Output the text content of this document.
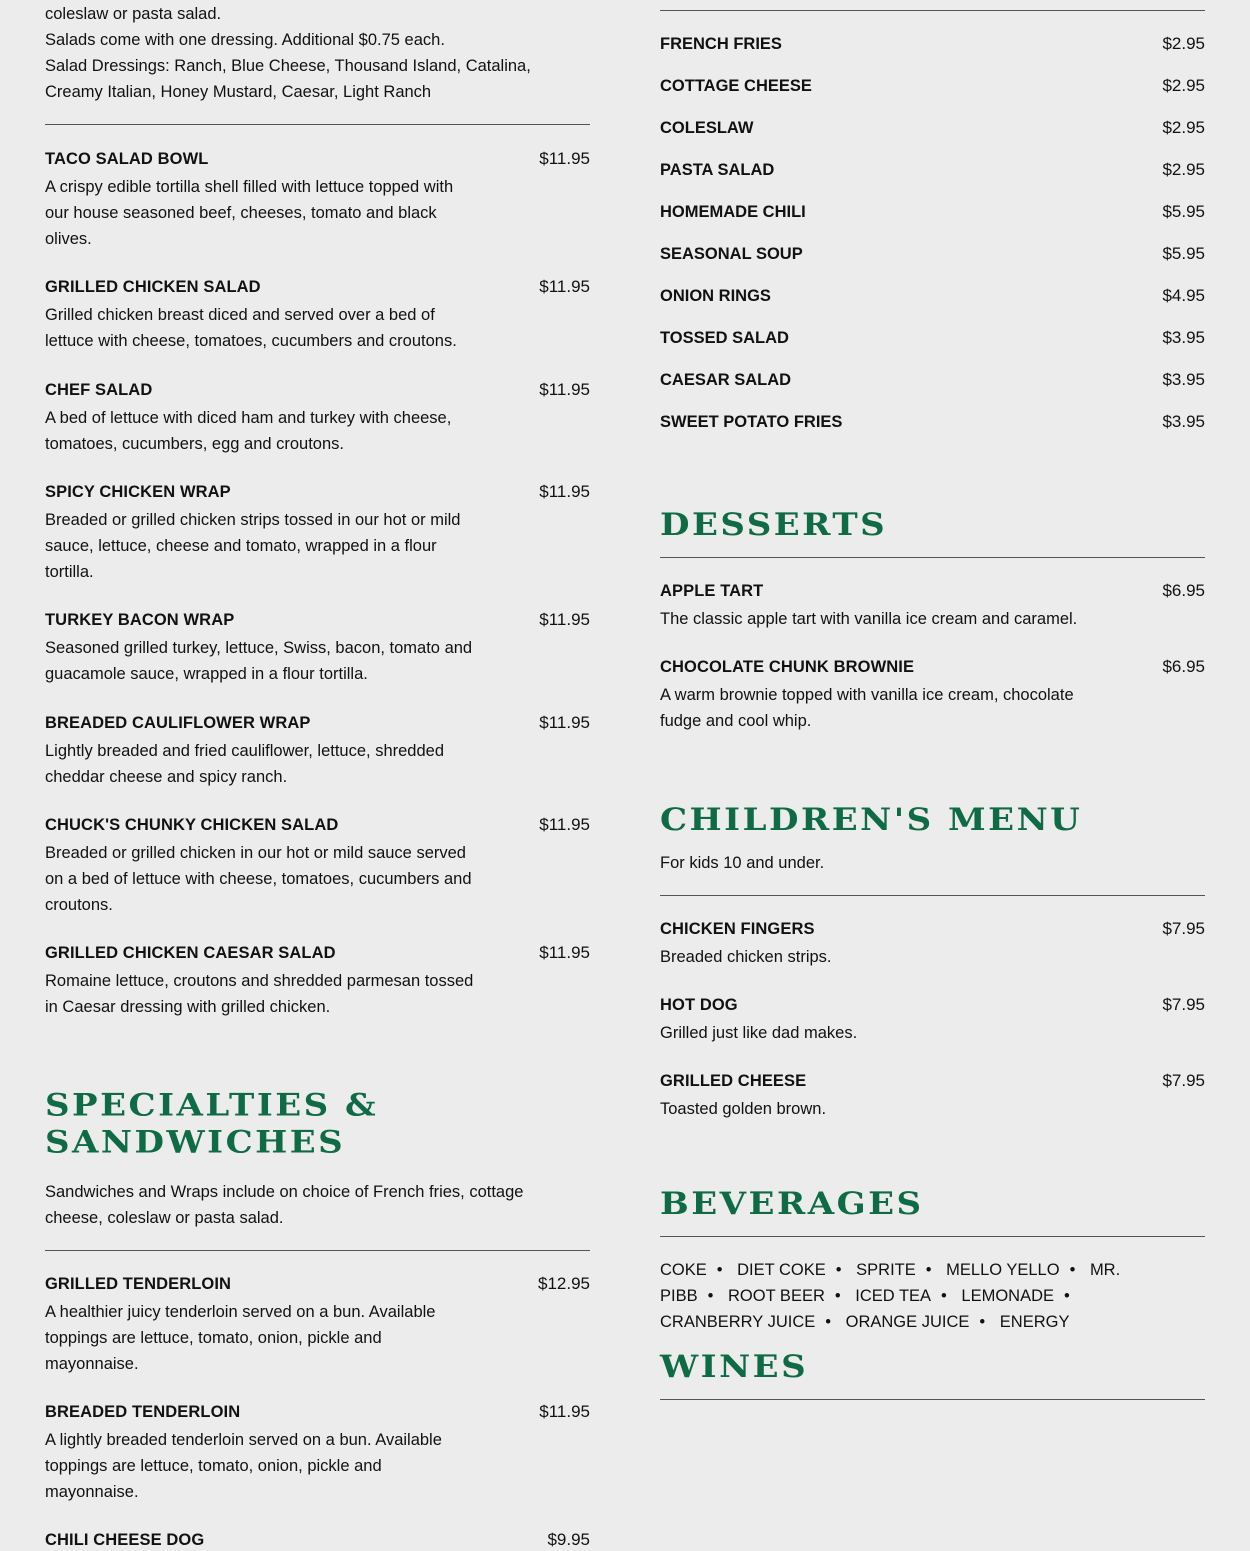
coleslaw or pasta salad.

Salads come with one dressing. Additional $0.75 each.

Salad Dressings: Ranch, Blue Cheese, Thousand Island, Catalina, Creamy Italian, Honey Mustard, Caesar, Light Ranch

TACO SALAD BOWL	$11.95
A crispy edible tortilla shell filled with lettuce topped with our house seasoned beef, cheeses, tomato and black olives.
GRILLED CHICKEN SALAD	$11.95
Grilled chicken breast diced and served over a bed of lettuce with cheese, tomatoes, cucumbers and croutons.
CHEF SALAD	$11.95
A bed of lettuce with diced ham and turkey with cheese, tomatoes, cucumbers, egg and croutons.
SPICY CHICKEN WRAP	$11.95
Breaded or grilled chicken strips tossed in our hot or mild sauce, lettuce, cheese and tomato, wrapped in a flour tortilla.
TURKEY BACON WRAP	$11.95
Seasoned grilled turkey, lettuce, Swiss, bacon, tomato and guacamole sauce, wrapped in a flour tortilla.
BREADED CAULIFLOWER WRAP	$11.95
Lightly breaded and fried cauliflower, lettuce, shredded cheddar cheese and spicy ranch.
CHUCK'S CHUNKY CHICKEN SALAD	$11.95
Breaded or grilled chicken in our hot or mild sauce served on a bed of lettuce with cheese, tomatoes, cucumbers and croutons.
GRILLED CHICKEN CAESAR SALAD	$11.95
Romaine lettuce, croutons and shredded parmesan tossed in Caesar dressing with grilled chicken.
SPECIALTIES & SANDWICHES
Sandwiches and Wraps include on choice of French fries, cottage cheese, coleslaw or pasta salad.
GRILLED TENDERLOIN	$12.95
A healthier juicy tenderloin served on a bun. Available toppings are lettuce, tomato, onion, pickle and mayonnaise.
BREADED TENDERLOIN	$11.95
A lightly breaded tenderloin served on a bun. Available toppings are lettuce, tomato, onion, pickle and mayonnaise.
CHILI CHEESE DOG	$9.95
FRENCH FRIES	$2.95
COTTAGE CHEESE	$2.95
COLESLAW	$2.95
PASTA SALAD	$2.95
HOMEMADE CHILI	$5.95
SEASONAL SOUP	$5.95
ONION RINGS	$4.95
TOSSED SALAD	$3.95
CAESAR SALAD	$3.95
SWEET POTATO FRIES	$3.95
DESSERTS
APPLE TART	$6.95
The classic apple tart with vanilla ice cream and caramel.
CHOCOLATE CHUNK BROWNIE	$6.95
A warm brownie topped with vanilla ice cream, chocolate fudge and cool whip.
CHILDREN'S MENU
For kids 10 and under.
CHICKEN FINGERS	$7.95
Breaded chicken strips.
HOT DOG	$7.95
Grilled just like dad makes.
GRILLED CHEESE	$7.95
Toasted golden brown.
BEVERAGES
COKE • DIET COKE • SPRITE • MELLO YELLO • MR. PIBB • ROOT BEER • ICED TEA • LEMONADE • CRANBERRY JUICE • ORANGE JUICE • ENERGY
WINES
